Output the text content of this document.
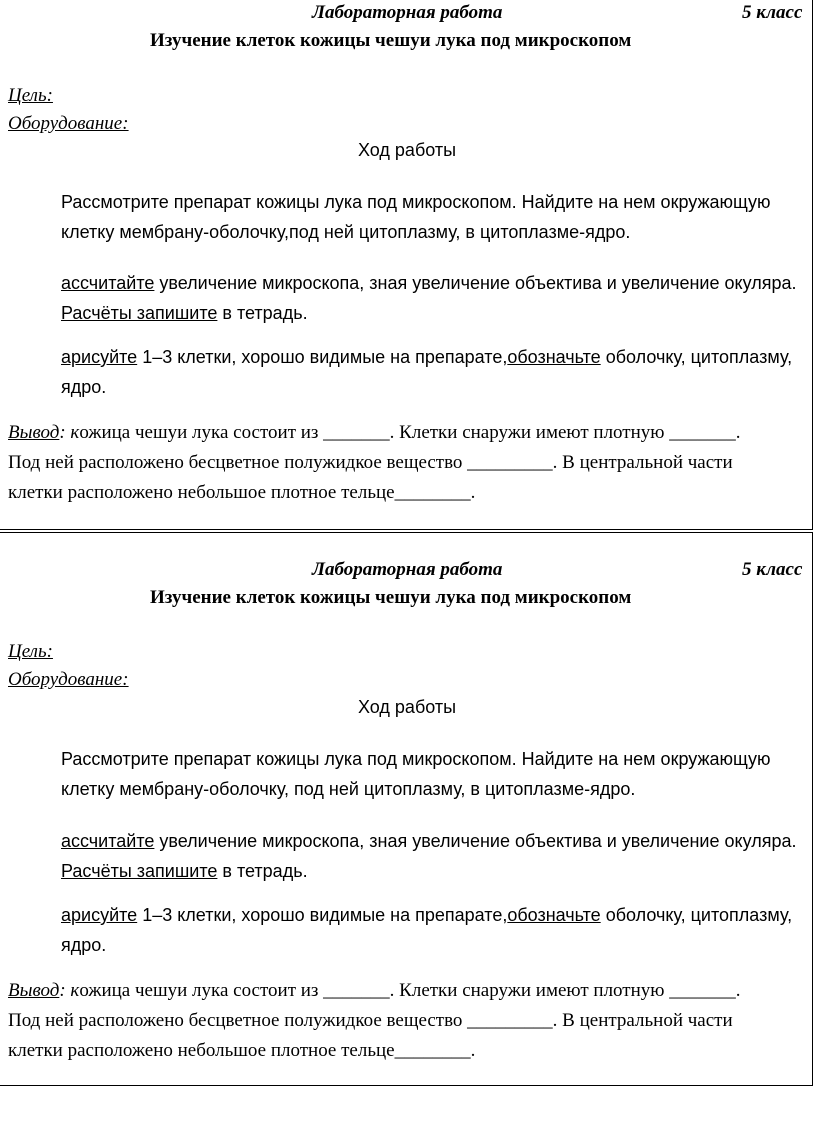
Лабораторная работа	5 класс
Изучение клеток кожицы чешуи лука под микроскопом
Цель:
Оборудование:
Ход работы
Рассмотрите препарат кожицы лука под микроскопом. Найдите на нем окружающую
клетку мембрану-оболочку,под ней цитоплазму, в цитоплазме-ядро.
ассчитайте увеличение микроскопа, зная увеличение объектива и увеличение окуляра.
Расчёты запишите в тетрадь.
арисуйте 1–3 клетки, хорошо видимые на препарате,обозначьте оболочку, цитоплазму,
ядро.
Вывод: кожица чешуи лука состоит из _______. Клетки снаружи имеют плотную _______.
Под ней расположено бесцветное полужидкое вещество _________. В центральной части
клетки расположено небольшое плотное тельце________.
Лабораторная работа	5 класс
Изучение клеток кожицы чешуи лука под микроскопом
Цель:
Оборудование:
Ход работы
Рассмотрите препарат кожицы лука под микроскопом. Найдите на нем окружающую
клетку мембрану-оболочку, под ней цитоплазму, в цитоплазме-ядро.
ассчитайте увеличение микроскопа, зная увеличение объектива и увеличение окуляра.
Расчёты запишите в тетрадь.
арисуйте 1–3 клетки, хорошо видимые на препарате,обозначьте оболочку, цитоплазму,
ядро.
Вывод: кожица чешуи лука состоит из _______. Клетки снаружи имеют плотную _______.
Под ней расположено бесцветное полужидкое вещество _________. В центральной части
клетки расположено небольшое плотное тельце________.
